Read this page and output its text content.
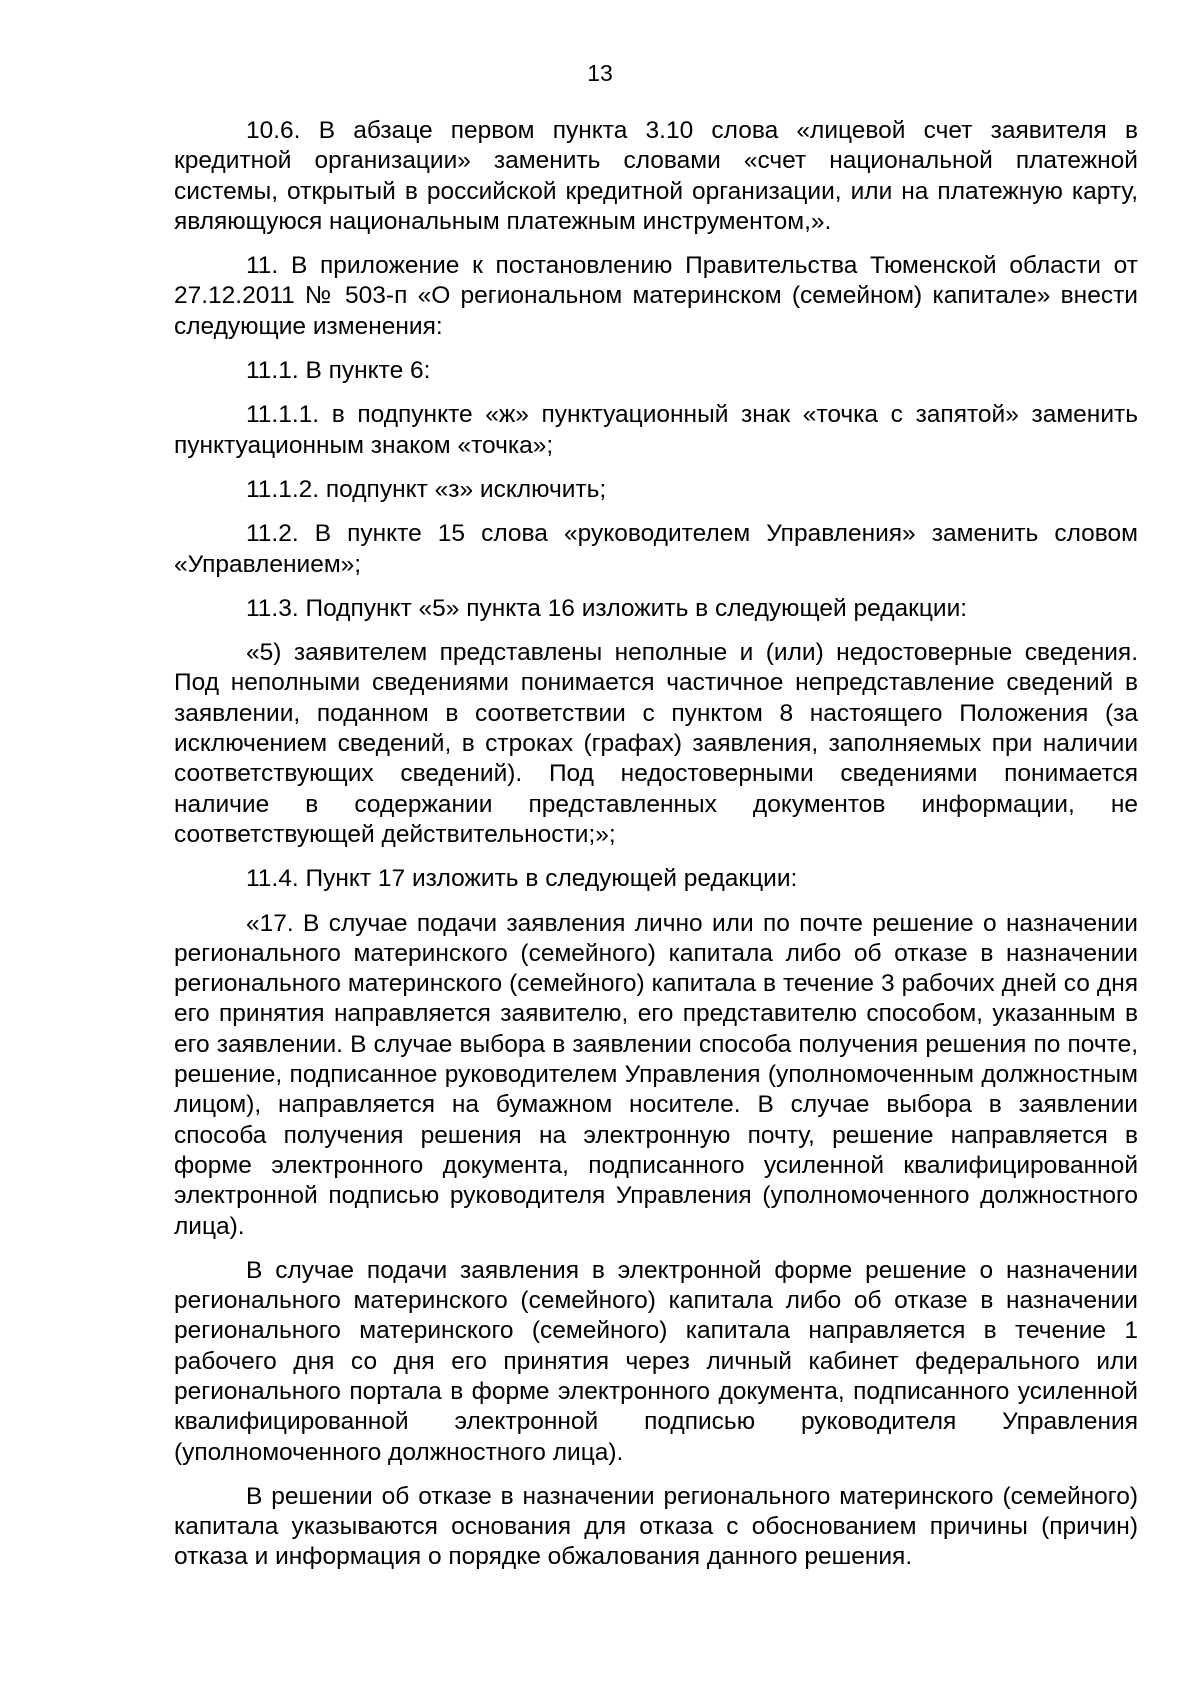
13

10.6. В абзаце первом пункта 3.10 слова «лицевой счет заявителя в кредитной организации» заменить словами «счет национальной платежной системы, открытый в российской кредитной организации, или на платежную карту, являющуюся национальным платежным инструментом,».

11. В приложение к постановлению Правительства Тюменской области от 27.12.2011 № 503-п «О региональном материнском (семейном) капитале» внести следующие изменения:

11.1. В пункте 6:

11.1.1. в подпункте «ж» пунктуационный знак «точка с запятой» заменить пунктуационным знаком «точка»;

11.1.2. подпункт «з» исключить;

11.2. В пункте 15 слова «руководителем Управления» заменить словом «Управлением»;

11.3. Подпункт «5» пункта 16 изложить в следующей редакции:

«5) заявителем представлены неполные и (или) недостоверные сведения. Под неполными сведениями понимается частичное непредставление сведений в заявлении, поданном в соответствии с пунктом 8 настоящего Положения (за исключением сведений, в строках (графах) заявления, заполняемых при наличии соответствующих сведений). Под недостоверными сведениями понимается наличие в содержании представленных документов информации, не соответствующей действительности;»;

11.4. Пункт 17 изложить в следующей редакции:

«17. В случае подачи заявления лично или по почте решение о назначении регионального материнского (семейного) капитала либо об отказе в назначении регионального материнского (семейного) капитала в течение 3 рабочих дней со дня его принятия направляется заявителю, его представителю способом, указанным в его заявлении. В случае выбора в заявлении способа получения решения по почте, решение, подписанное руководителем Управления (уполномоченным должностным лицом), направляется на бумажном носителе. В случае выбора в заявлении способа получения решения на электронную почту, решение направляется в форме электронного документа, подписанного усиленной квалифицированной электронной подписью руководителя Управления (уполномоченного должностного лица).

В случае подачи заявления в электронной форме решение о назначении регионального материнского (семейного) капитала либо об отказе в назначении регионального материнского (семейного) капитала направляется в течение 1 рабочего дня со дня его принятия через личный кабинет федерального или регионального портала в форме электронного документа, подписанного усиленной квалифицированной электронной подписью руководителя Управления (уполномоченного должностного лица).

В решении об отказе в назначении регионального материнского (семейного) капитала указываются основания для отказа с обоснованием причины (причин) отказа и информация о порядке обжалования данного решения.
